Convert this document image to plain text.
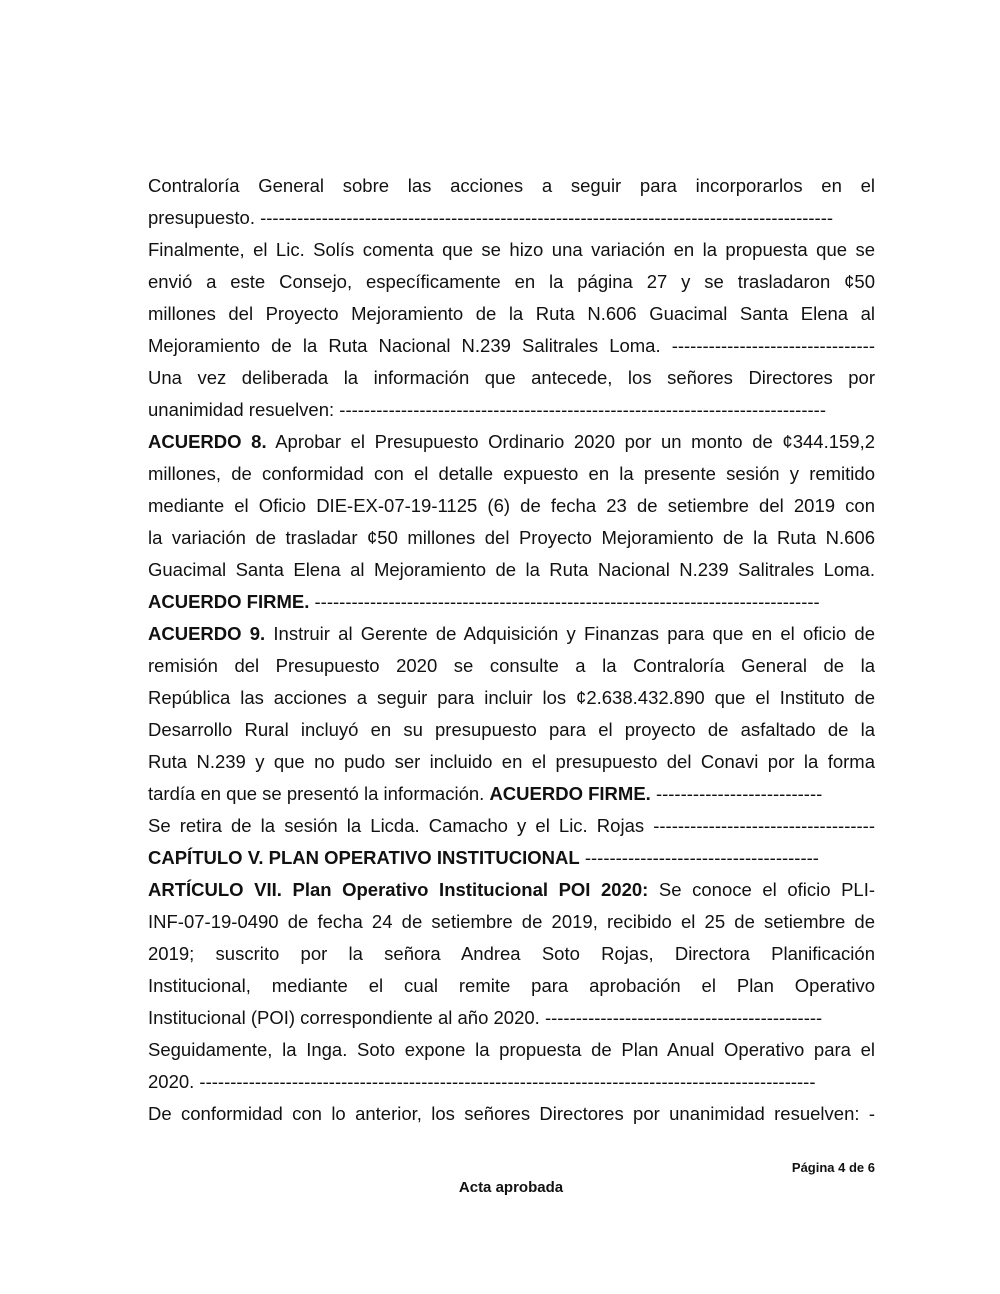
Contraloría General sobre las acciones a seguir para incorporarlos en el
presupuesto. ---------------------------------------------------------------------------------------------
Finalmente, el Lic. Solís comenta que se hizo una variación en la propuesta que se
envió a este Consejo, específicamente en la página 27 y se trasladaron ¢50
millones del Proyecto Mejoramiento de la Ruta N.606 Guacimal Santa Elena al
Mejoramiento de la Ruta Nacional N.239 Salitrales Loma. ---------------------------------
Una vez deliberada la información que antecede, los señores Directores por
unanimidad resuelven: -------------------------------------------------------------------------------
ACUERDO 8. Aprobar el Presupuesto Ordinario 2020 por un monto de ¢344.159,2
millones, de conformidad con el detalle expuesto en la presente sesión y remitido
mediante el Oficio DIE-EX-07-19-1125 (6) de fecha 23 de setiembre del 2019 con
la variación de trasladar ¢50 millones del Proyecto Mejoramiento de la Ruta N.606
Guacimal Santa Elena al Mejoramiento de la Ruta Nacional N.239 Salitrales Loma.
ACUERDO FIRME. ----------------------------------------------------------------------------------
ACUERDO 9. Instruir al Gerente de Adquisición y Finanzas para que en el oficio de
remisión del Presupuesto 2020 se consulte a la Contraloría General de la
República las acciones a seguir para incluir los ¢2.638.432.890 que el Instituto de
Desarrollo Rural incluyó en su presupuesto para el proyecto de asfaltado de la
Ruta N.239 y que no pudo ser incluido en el presupuesto del Conavi por la forma
tardía en que se presentó la información. ACUERDO FIRME. ---------------------------
Se retira de la sesión la Licda. Camacho y el Lic. Rojas ------------------------------------
CAPÍTULO V. PLAN OPERATIVO INSTITUCIONAL --------------------------------------
ARTÍCULO VII. Plan Operativo Institucional POI 2020: Se conoce el oficio PLI-
INF-07-19-0490 de fecha 24 de setiembre de 2019, recibido el 25 de setiembre de
2019; suscrito por la señora Andrea Soto Rojas, Directora Planificación
Institucional, mediante el cual remite para aprobación el Plan Operativo
Institucional (POI) correspondiente al año 2020. ---------------------------------------------
Seguidamente, la Inga. Soto expone la propuesta de Plan Anual Operativo para el
2020. ----------------------------------------------------------------------------------------------------
De conformidad con lo anterior, los señores Directores por unanimidad resuelven: -
Página 4 de 6
Acta aprobada
